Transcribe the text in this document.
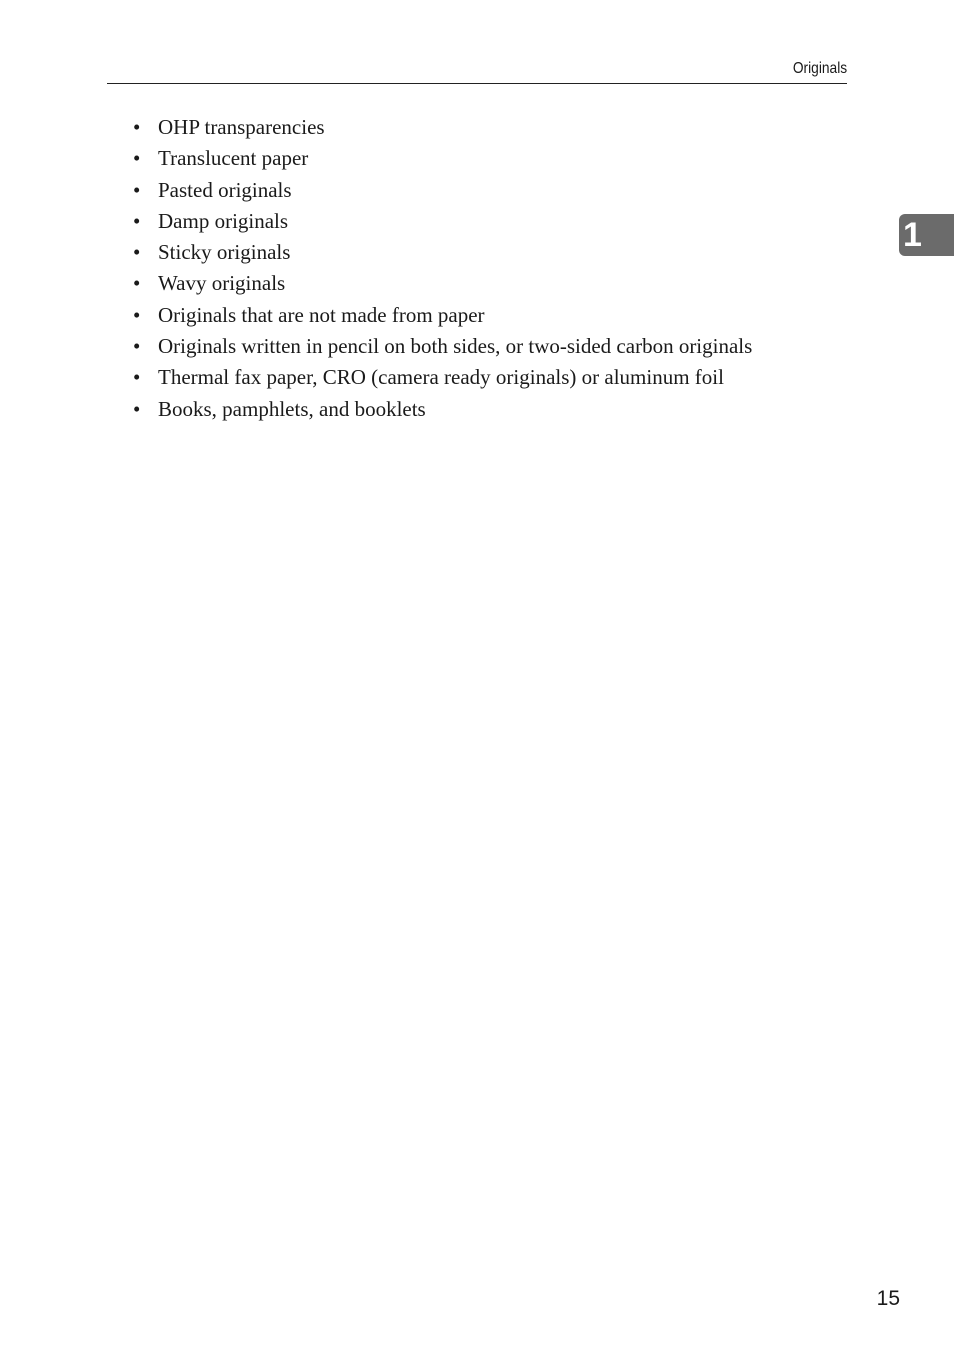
Originals
1
• OHP transparencies
• Translucent paper
• Pasted originals
• Damp originals
• Sticky originals
• Wavy originals
• Originals that are not made from paper
• Originals written in pencil on both sides, or two-sided carbon originals
• Thermal fax paper, CRO (camera ready originals) or aluminum foil
• Books, pamphlets, and booklets
15
